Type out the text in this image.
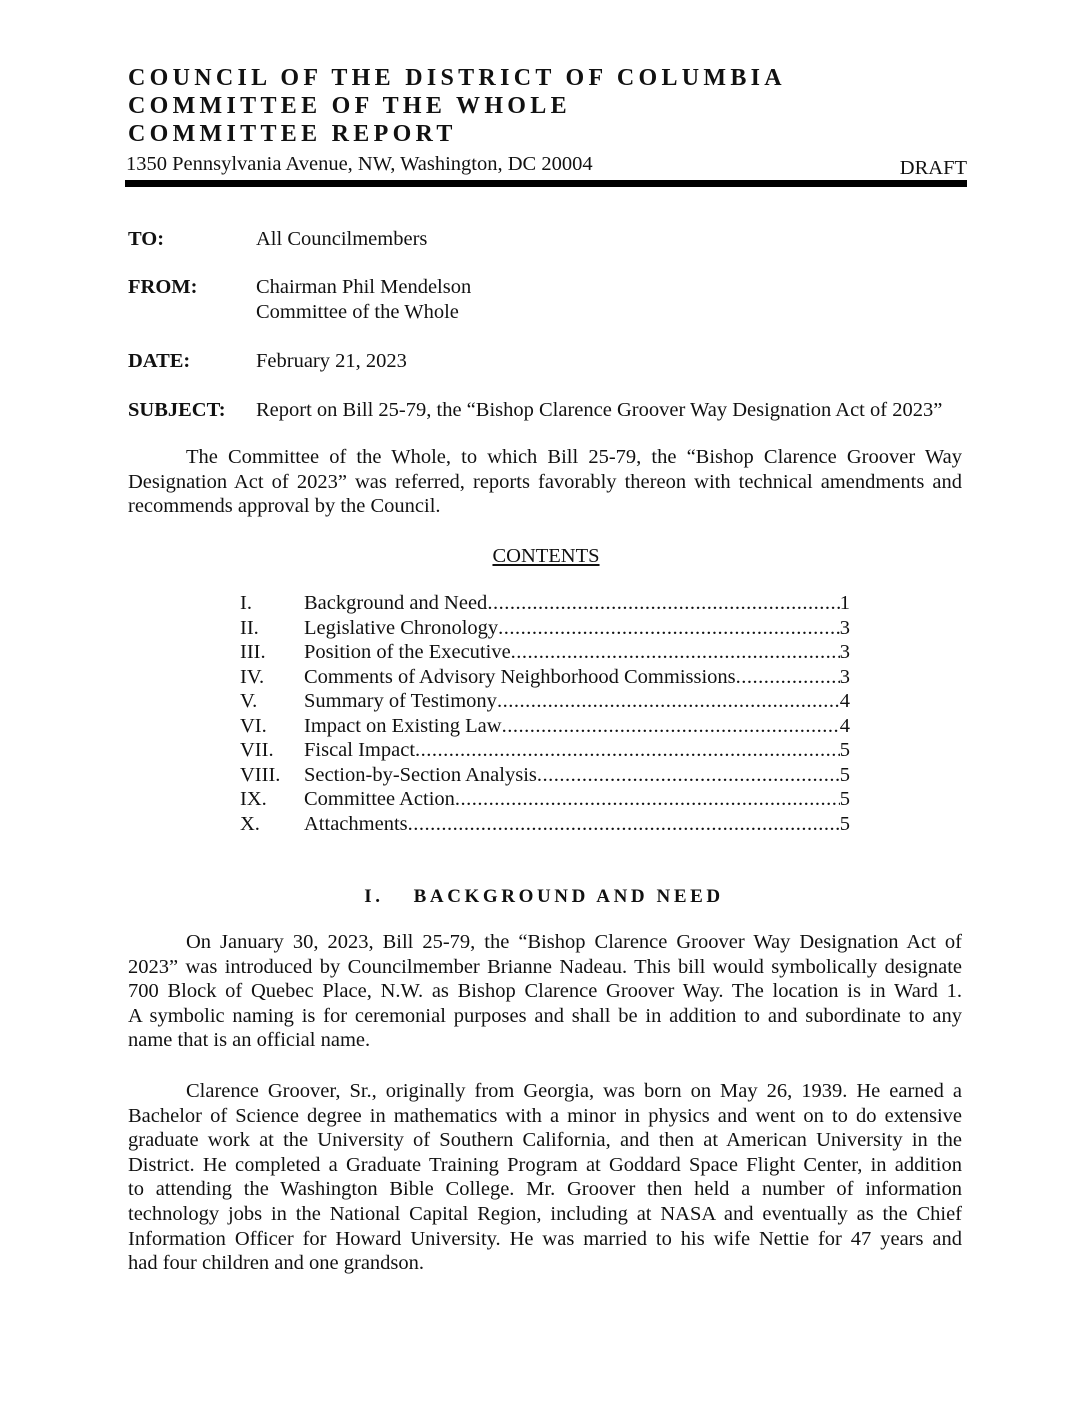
COUNCIL OF THE DISTRICT OF COLUMBIA
COMMITTEE OF THE WHOLE
COMMITTEE REPORT
1350 Pennsylvania Avenue, NW, Washington, DC 20004	DRAFT
TO:	All Councilmembers
FROM:	Chairman Phil Mendelson
Committee of the Whole
DATE:	February 21, 2023
SUBJECT: Report on Bill 25-79, the “Bishop Clarence Groover Way Designation Act of 2023”
The Committee of the Whole, to which Bill 25-79, the “Bishop Clarence Groover Way
Designation Act of 2023” was referred, reports favorably thereon with technical amendments and
recommends approval by the Council.
CONTENTS
I.	Background and Need .....	1
II. Legislative Chronology .....	3
III. Position of the Executive .....	3
IV. Comments of Advisory Neighborhood Commissions .....	3
V. Summary of Testimony .....	4
VI. Impact on Existing Law .....	4
VII. Fiscal Impact .....	5
VIII. Section-by-Section Analysis .....	5
IX. Committee Action .....	5
X. Attachments .....	5
I. BACKGROUND AND NEED
On January 30, 2023, Bill 25-79, the “Bishop Clarence Groover Way Designation Act of
2023” was introduced by Councilmember Brianne Nadeau. This bill would symbolically designate
700 Block of Quebec Place, N.W. as Bishop Clarence Groover Way. The location is in Ward 1.
A symbolic naming is for ceremonial purposes and shall be in addition to and subordinate to any
name that is an official name.
Clarence Groover, Sr., originally from Georgia, was born on May 26, 1939. He earned a
Bachelor of Science degree in mathematics with a minor in physics and went on to do extensive
graduate work at the University of Southern California, and then at American University in the
District. He completed a Graduate Training Program at Goddard Space Flight Center, in addition
to attending the Washington Bible College. Mr. Groover then held a number of information
technology jobs in the National Capital Region, including at NASA and eventually as the Chief
Information Officer for Howard University. He was married to his wife Nettie for 47 years and
had four children and one grandson.
